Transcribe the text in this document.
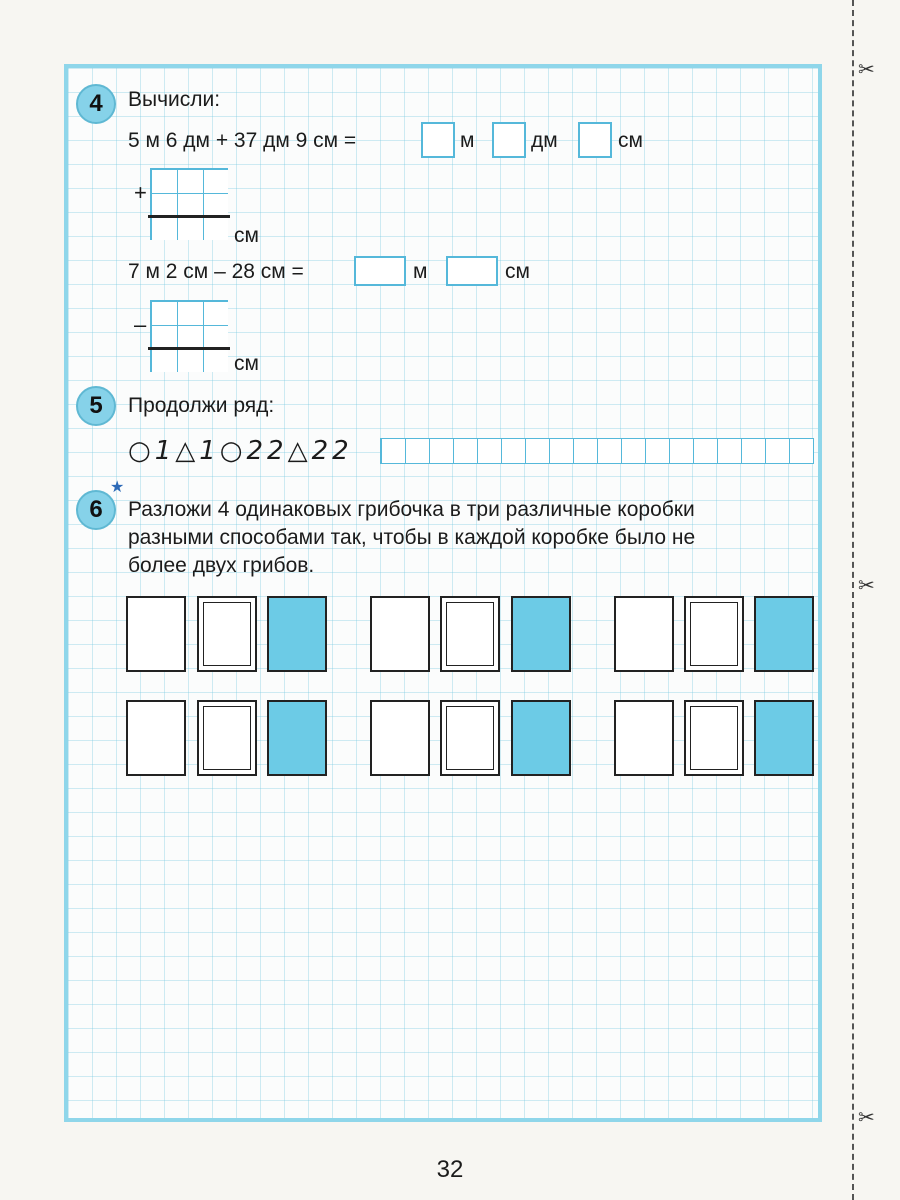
✂
✂
✂
4	Вычисли:
5 м 6 дм + 37 дм 9 см =	м	дм	см
+
см
7 м 2 см – 28 см =	м	см
–
см
5	Продолжи ряд:
○ 1 △ 1 ○ 2 2 △ 2 2
★
6	Разложи 4 одинаковых грибочка в три различные коробки
разными способами так, чтобы в каждой коробке было не
более двух грибов.
32
